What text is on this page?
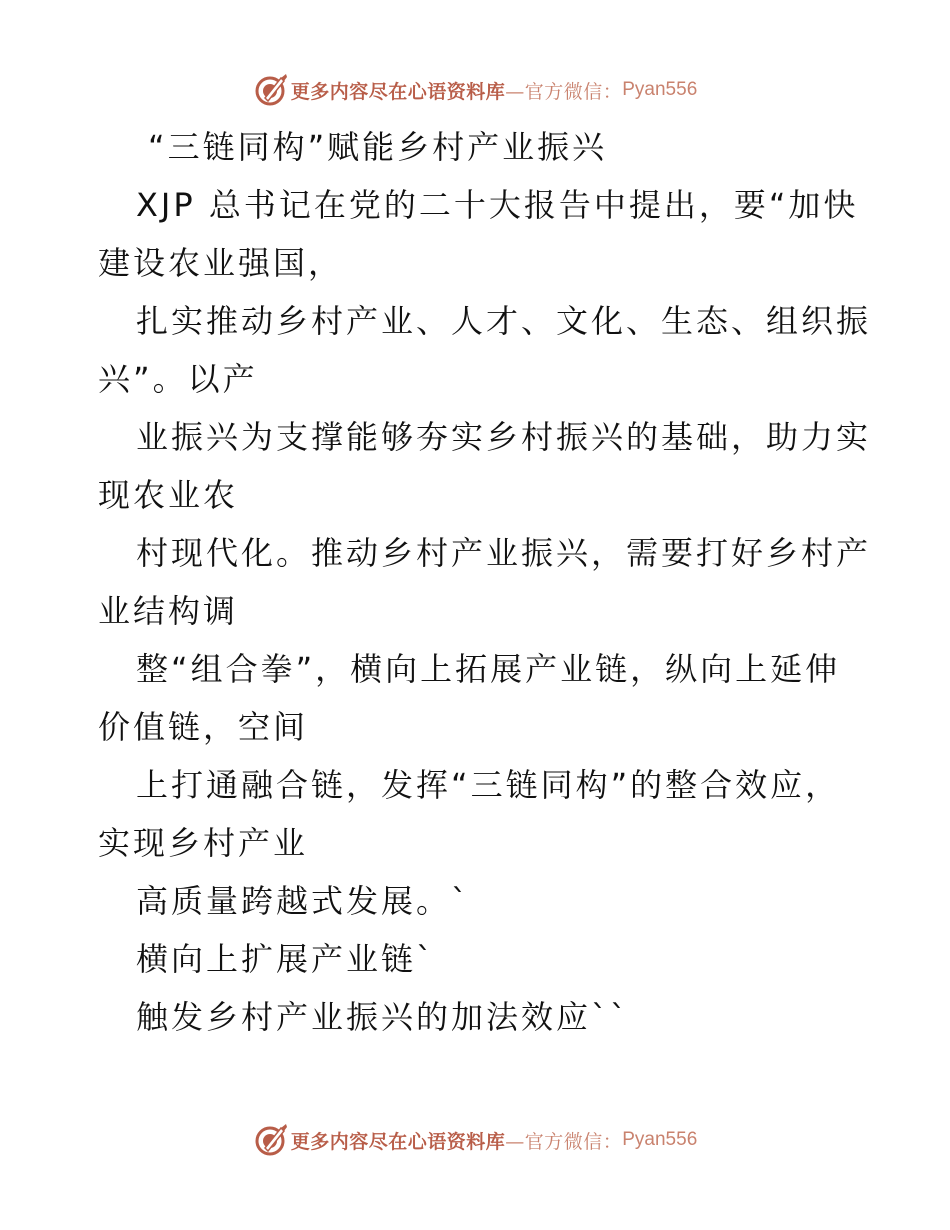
更多内容尽在心语资料库—官方微信： Pyan556
“三链同构”赋能乡村产业振兴
XJP 总书记在党的二十大报告中提出，要“加快
建设农业强国，
扎实推动乡村产业、人才、文化、生态、组织振
兴”。以产
业振兴为支撑能够夯实乡村振兴的基础，助力实
现农业农
村现代化。推动乡村产业振兴，需要打好乡村产
业结构调
整“组合拳”，横向上拓展产业链，纵向上延伸
价值链，空间
上打通融合链，发挥“三链同构”的整合效应，
实现乡村产业
高质量跨越式发展。`
横向上扩展产业链`
触发乡村产业振兴的加法效应``
更多内容尽在心语资料库—官方微信： Pyan556
